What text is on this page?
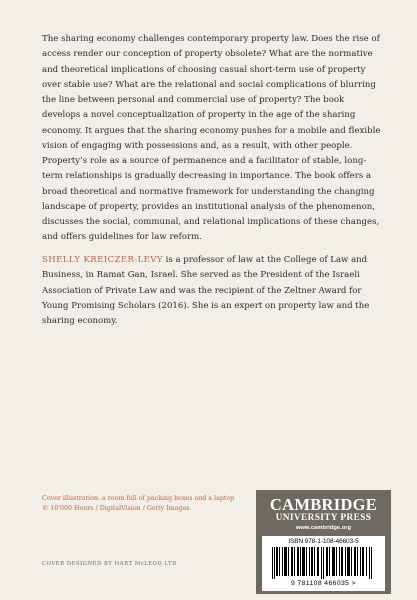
The sharing economy challenges contemporary property law. Does the rise of access render our conception of property obsolete? What are the normative and theoretical implications of choosing casual short-term use of property over stable use? What are the relational and social complications of blurring the line between personal and commercial use of property? The book develops a novel conceptualization of property in the age of the sharing economy. It argues that the sharing economy pushes for a mobile and flexible vision of engaging with possessions and, as a result, with other people. Property’s role as a source of permanence and a facilitator of stable, long-term relationships is gradually decreasing in importance. The book offers a broad theoretical and normative framework for understanding the changing landscape of property, provides an institutional analysis of the phenomenon, discusses the social, communal, and relational implications of these changes, and offers guidelines for law reform.

SHELLY KREICZER-LEVY is a professor of law at the College of Law and Business, in Ramat Gan, Israel. She served as the President of the Israeli Association of Private Law and was the recipient of the Zeltner Award for Young Promising Scholars (2016). She is an expert on property law and the sharing economy.

Cover illustration: a room full of packing boxes and a laptop
© 10'000 Hours / DigitalVision / Getty Images.
COVER DESIGNED BY HART McLEOD LTD
CAMBRIDGE
UNIVERSITY PRESS
www.cambridge.org
ISBN 978-1-108-46603-5
9 781108 466035 >
